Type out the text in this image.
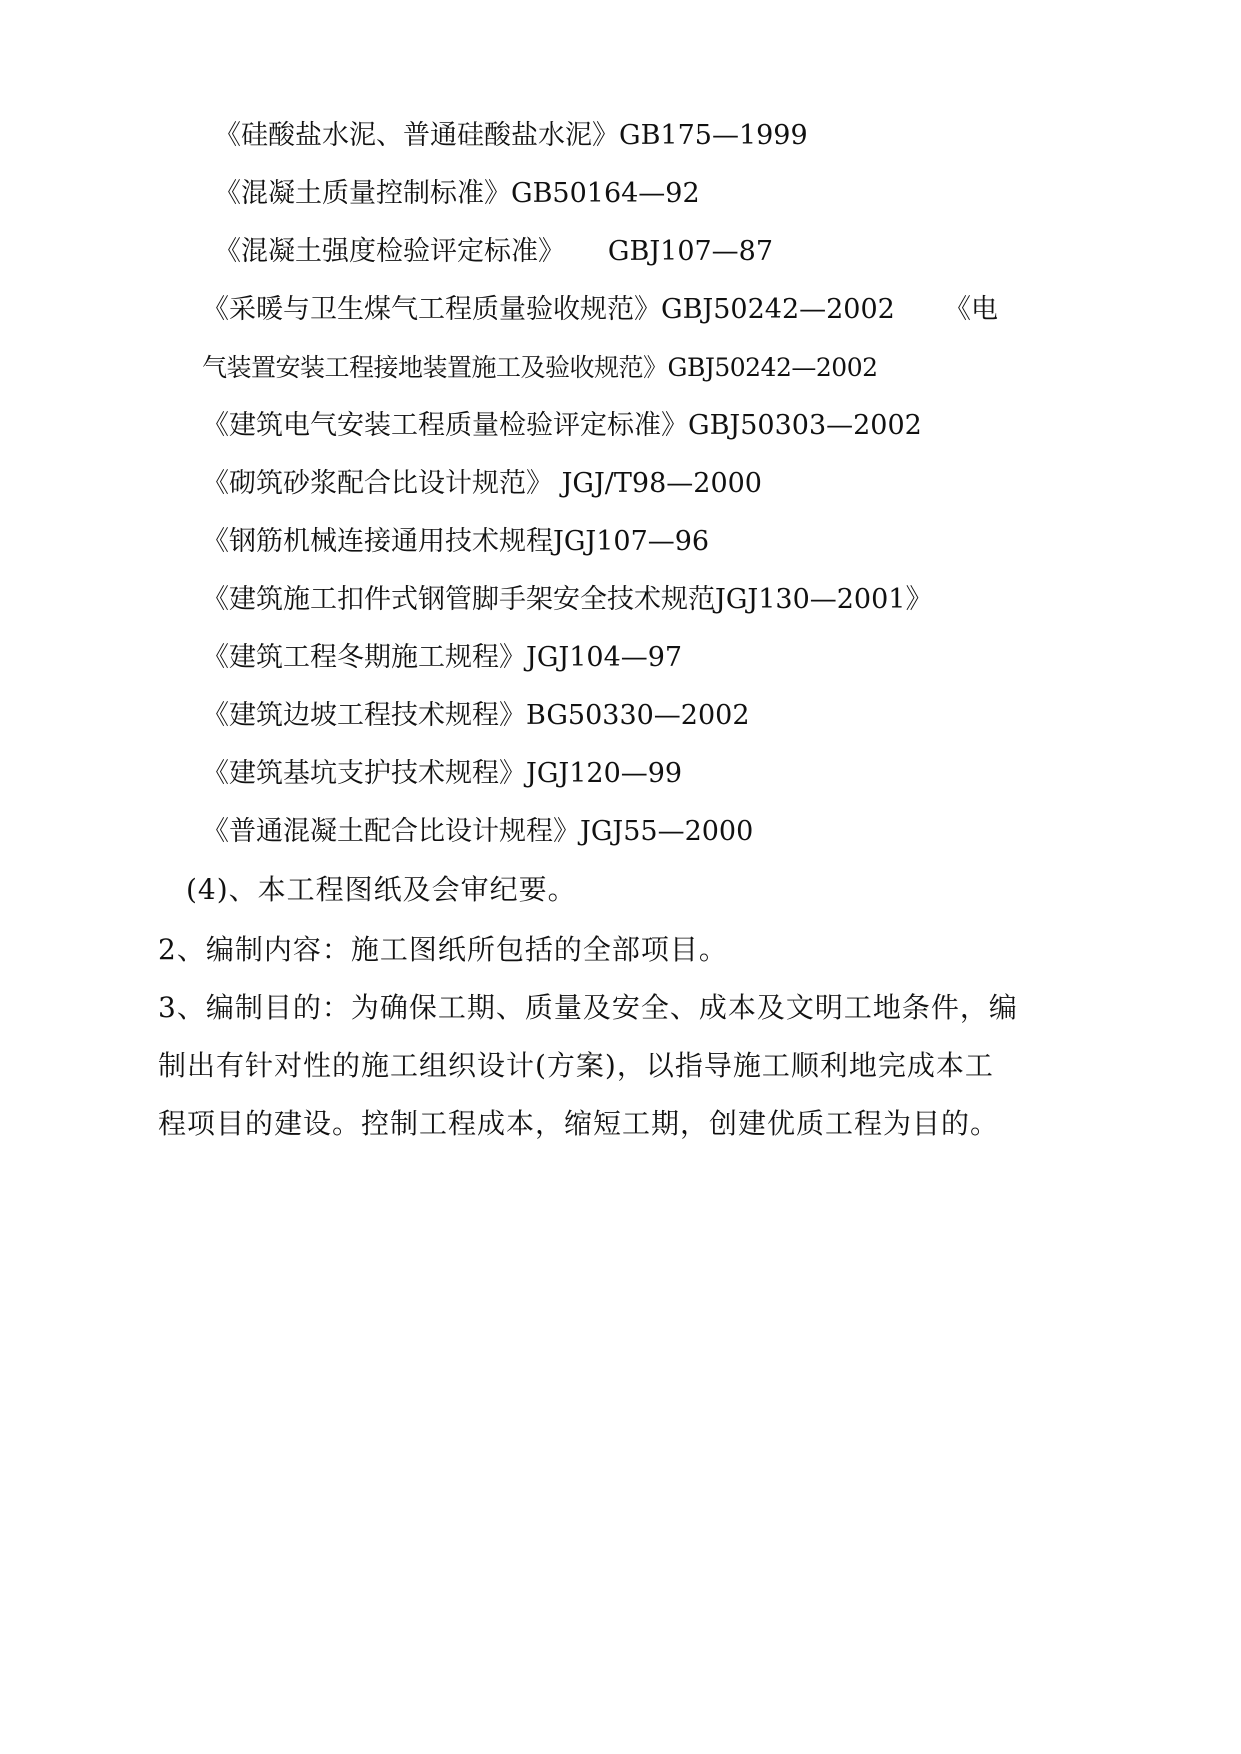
《硅酸盐水泥、普通硅酸盐水泥》GB175—1999
《混凝土质量控制标准》GB50164—92
《混凝土强度检验评定标准》     GBJ107—87
《采暖与卫生煤气工程质量验收规范》GBJ50242—2002 《电
气装置安装工程接地装置施工及验收规范》GBJ50242—2002
《建筑电气安装工程质量检验评定标准》GBJ50303—2002
《砌筑砂浆配合比设计规范》 JGJ/T98—2000
《钢筋机械连接通用技术规程JGJ107—96
《建筑施工扣件式钢管脚手架安全技术规范JGJ130—2001》
《建筑工程冬期施工规程》JGJ104—97
《建筑边坡工程技术规程》BG50330—2002
《建筑基坑支护技术规程》JGJ120—99
《普通混凝土配合比设计规程》JGJ55—2000
(4)、本工程图纸及会审纪要。
2、编制内容：施工图纸所包括的全部项目。
3、编制目的：为确保工期、质量及安全、成本及文明工地条件，编
制出有针对性的施工组织设计(方案)，以指导施工顺利地完成本工
程项目的建设。控制工程成本，缩短工期，创建优质工程为目的。
